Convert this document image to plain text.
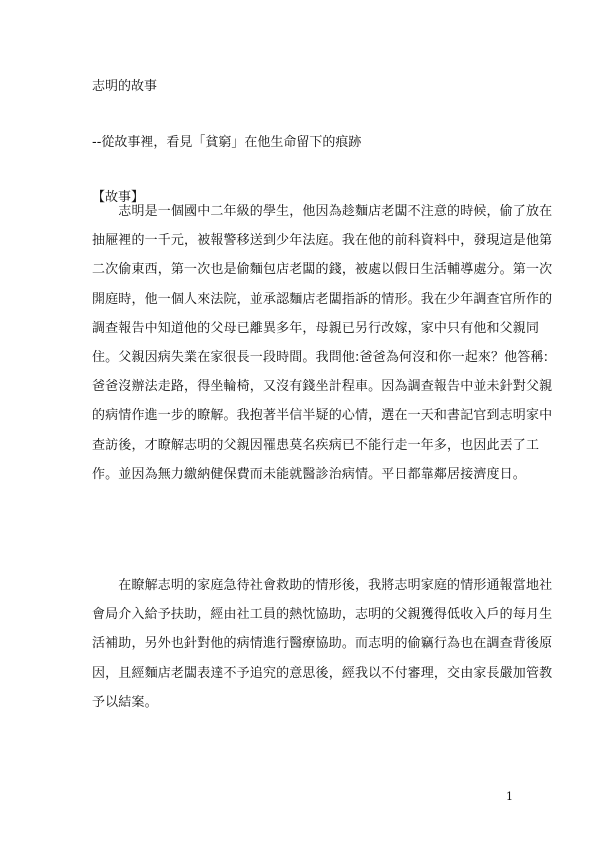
志明的故事
--從故事裡，看見「貧窮」在他生命留下的痕跡
【故事】
　　志明是一個國中二年級的學生，他因為趁麵店老闆不注意的時候，偷了放在
抽屜裡的一千元，被報警移送到少年法庭。我在他的前科資料中，發現這是他第
二次偷東西，第一次也是偷麵包店老闆的錢，被處以假日生活輔導處分。第一次
開庭時，他一個人來法院，並承認麵店老闆指訴的情形。我在少年調查官所作的
調查報告中知道他的父母已離異多年，母親已另行改嫁，家中只有他和父親同
住。父親因病失業在家很長一段時間。我問他:爸爸為何沒和你一起來？他答稱:
爸爸沒辦法走路，得坐輪椅，又沒有錢坐計程車。因為調查報告中並未針對父親
的病情作進一步的瞭解。我抱著半信半疑的心情，選在一天和書記官到志明家中
查訪後，才瞭解志明的父親因罹患莫名疾病已不能行走一年多，也因此丟了工
作。並因為無力繳納健保費而未能就醫診治病情。平日都靠鄰居接濟度日。
　　在瞭解志明的家庭急待社會救助的情形後，我將志明家庭的情形通報當地社
會局介入給予扶助，經由社工員的熱忱協助，志明的父親獲得低收入戶的每月生
活補助，另外也針對他的病情進行醫療協助。而志明的偷竊行為也在調查背後原
因，且經麵店老闆表達不予追究的意思後，經我以不付審理，交由家長嚴加管教
予以結案。
1
